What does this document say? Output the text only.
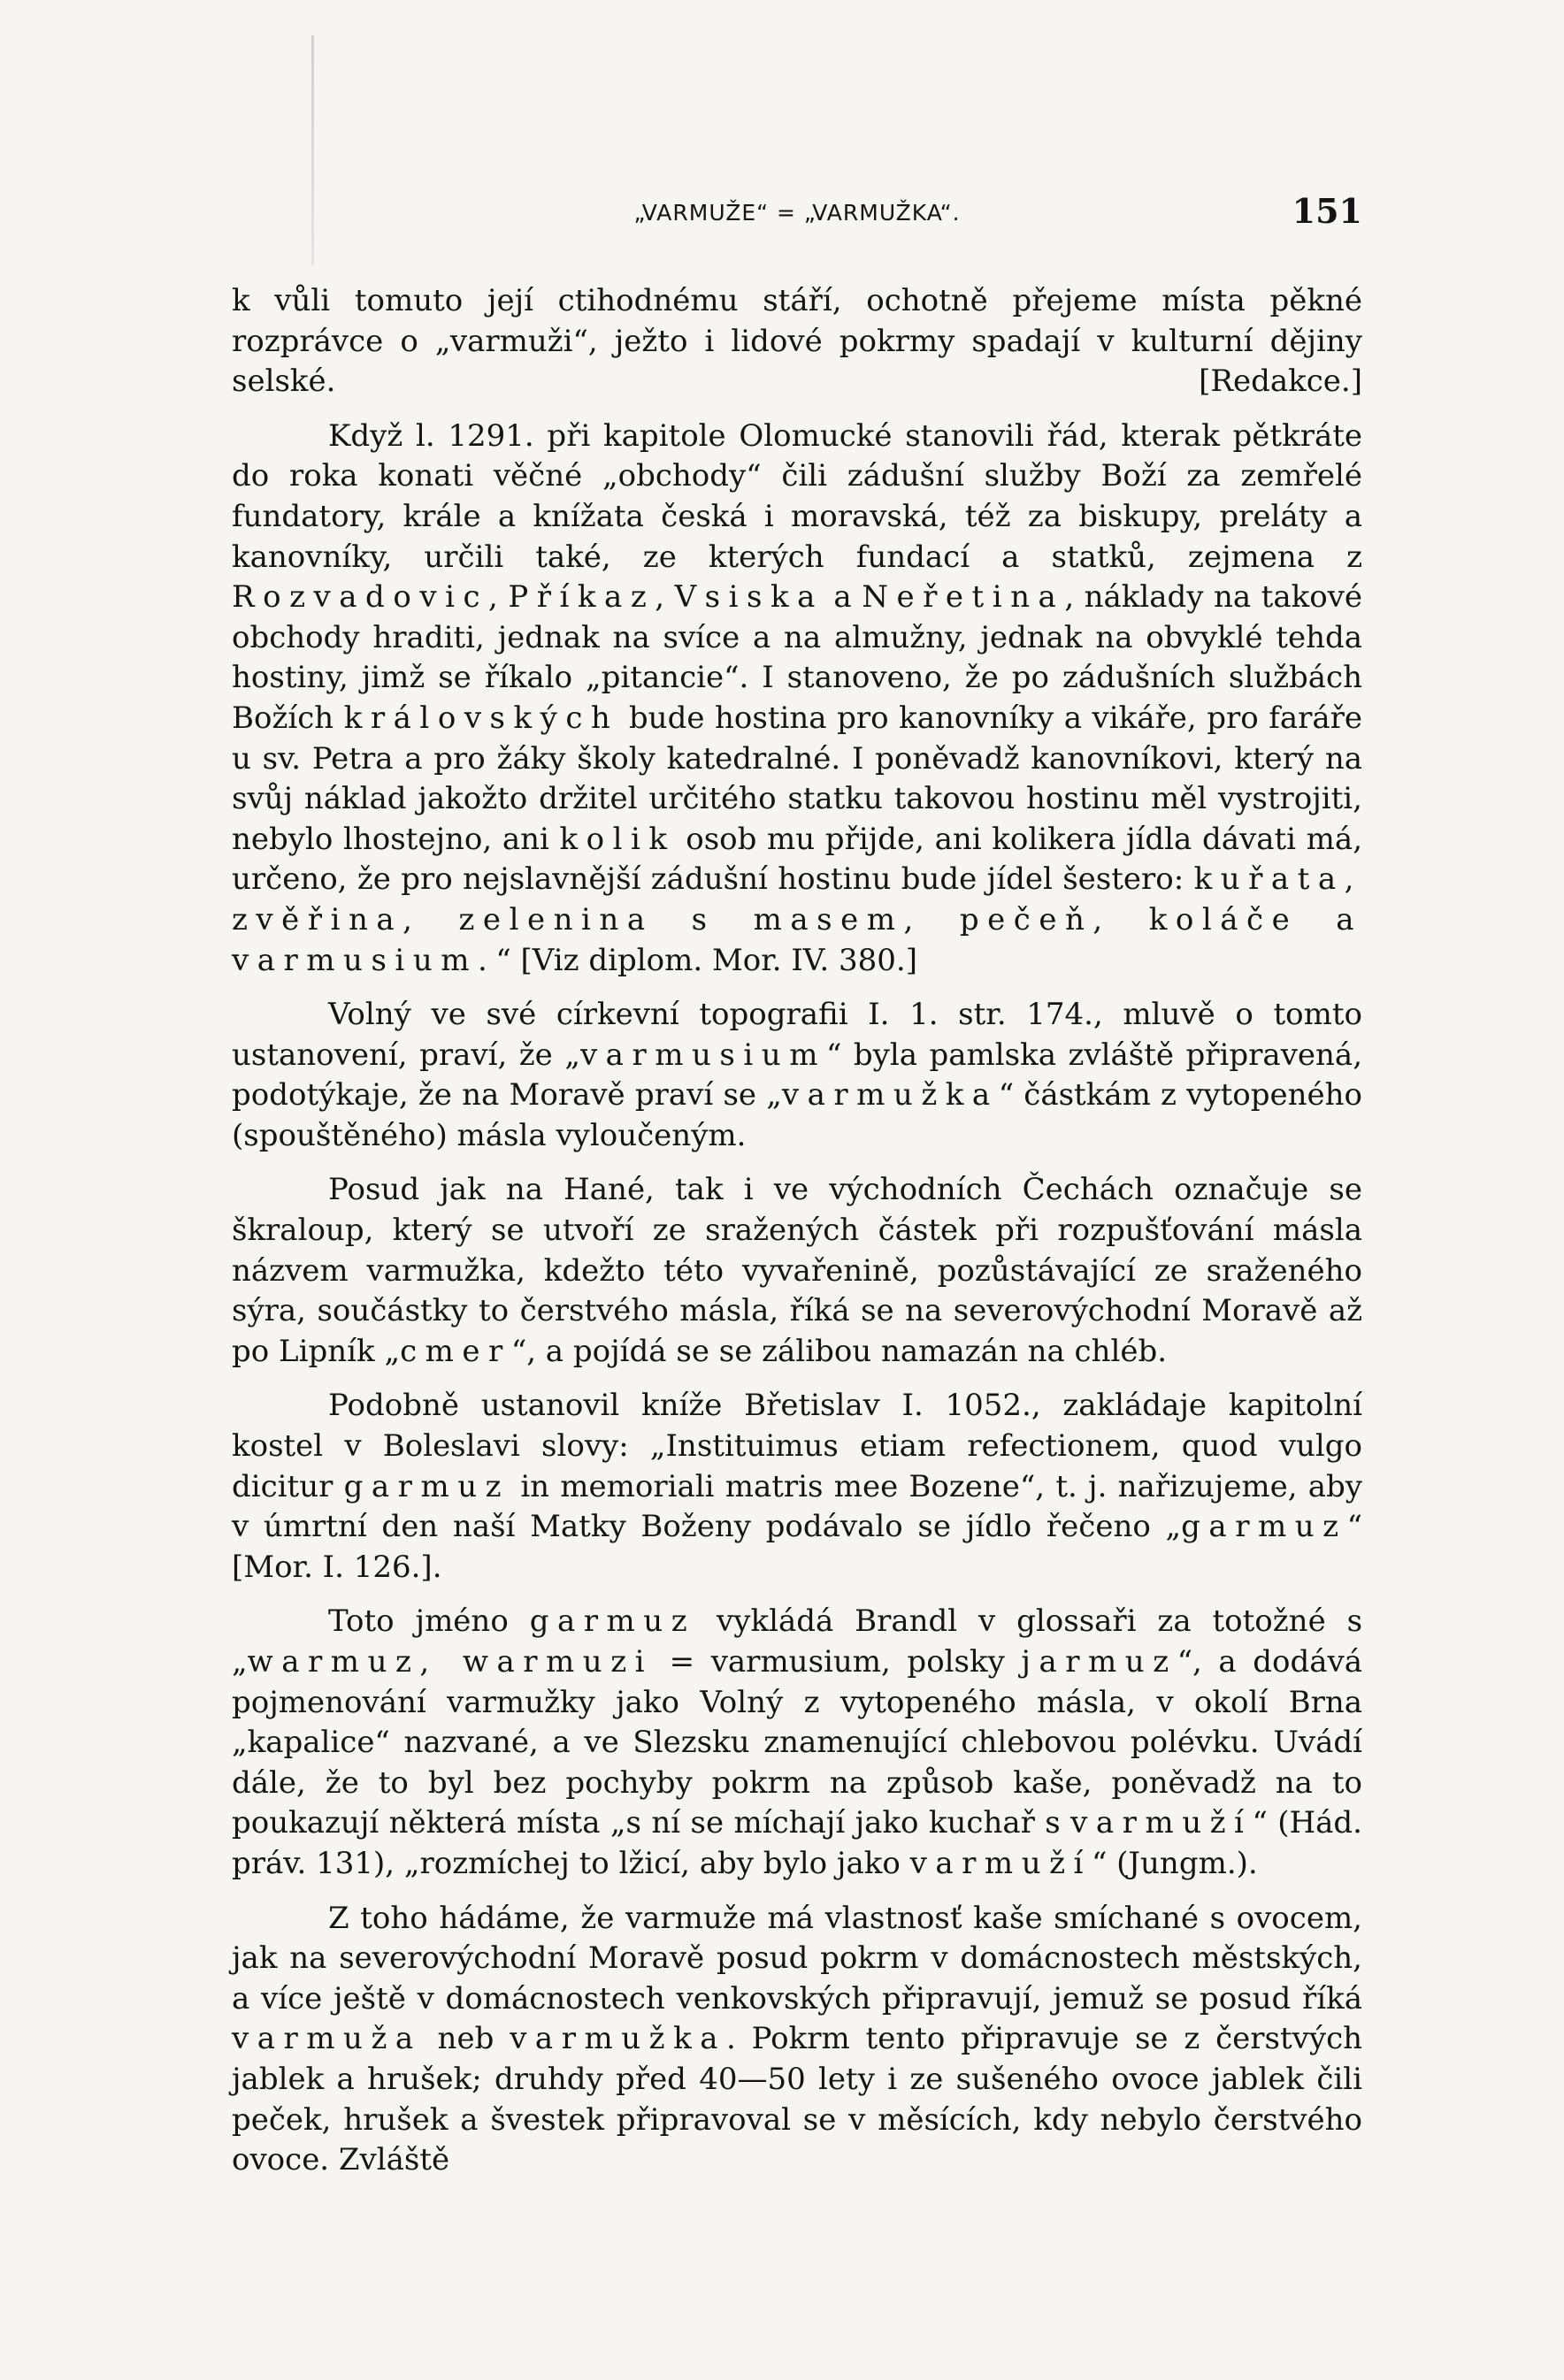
„VARMUŽE“ = „VARMUŽKA“.	151

k vůli tomuto její ctihodnému stáří, ochotně přejeme místa pěkné rozprávce o „varmuži“, ježto i lidové pokrmy spadají v kulturní dějiny selské.	[Redakce.]

Když l. 1291. při kapitole Olomucké stanovili řád, kterak pětkráte do roka konati věčné „obchody“ čili zádušní služby Boží za zemřelé fundatory, krále a knížata česká i moravská, též za biskupy, preláty a kanovníky, určili také, ze kterých fundací a statků, zejmena z Rozvadovic, Příkaz, Vsiska a Neřetina, náklady na takové obchody hraditi, jednak na svíce a na almužny, jednak na obvyklé tehda hostiny, jimž se říkalo „pitancie“. I stanoveno, že po zádušních službách Božích královských bude hostina pro kanovníky a vikáře, pro faráře u sv. Petra a pro žáky školy katedralné. I poněvadž kanovníkovi, který na svůj náklad jakožto držitel určitého statku takovou hostinu měl vystrojiti, nebylo lhostejno, ani kolik osob mu přijde, ani kolikera jídla dávati má, určeno, že pro nejslavnější zádušní hostinu bude jídel šestero: kuřata, zvěřina, zelenina s masem, pečeň, koláče a varmusium.“ [Viz diplom. Mor. IV. 380.]

Volný ve své církevní topografii I. 1. str. 174., mluvě o tomto ustanovení, praví, že „varmusium“ byla pamlska zvláště připravená, podotýkaje, že na Moravě praví se „varmužka“ částkám z vytopeného (spouštěného) másla vyloučeným.

Posud jak na Hané, tak i ve východních Čechách označuje se škraloup, který se utvoří ze sražených částek při rozpušťování másla názvem varmužka, kdežto této vyvařenině, pozůstávající ze sraženého sýra, součástky to čerstvého másla, říká se na severovýchodní Moravě až po Lipník „cmer“, a pojídá se se zálibou namazán na chléb.

Podobně ustanovil kníže Břetislav I. 1052., zakládaje kapitolní kostel v Boleslavi slovy: „Instituimus etiam refectionem, quod vulgo dicitur garmuz in memoriali matris mee Bozene“, t. j. nařizujeme, aby v úmrtní den naší Matky Boženy podávalo se jídlo řečeno „garmuz“ [Mor. I. 126.].

Toto jméno garmuz vykládá Brandl v glossaři za totožné s „warmuz, warmuzi = varmusium, polsky jarmuz“, a dodává pojmenování varmužky jako Volný z vytopeného másla, v okolí Brna „kapalice“ nazvané, a ve Slezsku znamenující chlebovou polévku. Uvádí dále, že to byl bez pochyby pokrm na způsob kaše, poněvadž na to poukazují některá místa „s ní se míchají jako kuchař s varmuží“ (Hád. práv. 131), „rozmíchej to lžicí, aby bylo jako varmuží“ (Jungm.).

Z toho hádáme, že varmuže má vlastnosť kaše smíchané s ovocem, jak na severovýchodní Moravě posud pokrm v domácnostech městských, a více ještě v domácnostech venkovských připravují, jemuž se posud říká varmuža neb varmužka. Pokrm tento připravuje se z čerstvých jablek a hrušek; druhdy před 40—50 lety i ze sušeného ovoce jablek čili peček, hrušek a švestek připravoval se v měsících, kdy nebylo čerstvého ovoce. Zvláště
